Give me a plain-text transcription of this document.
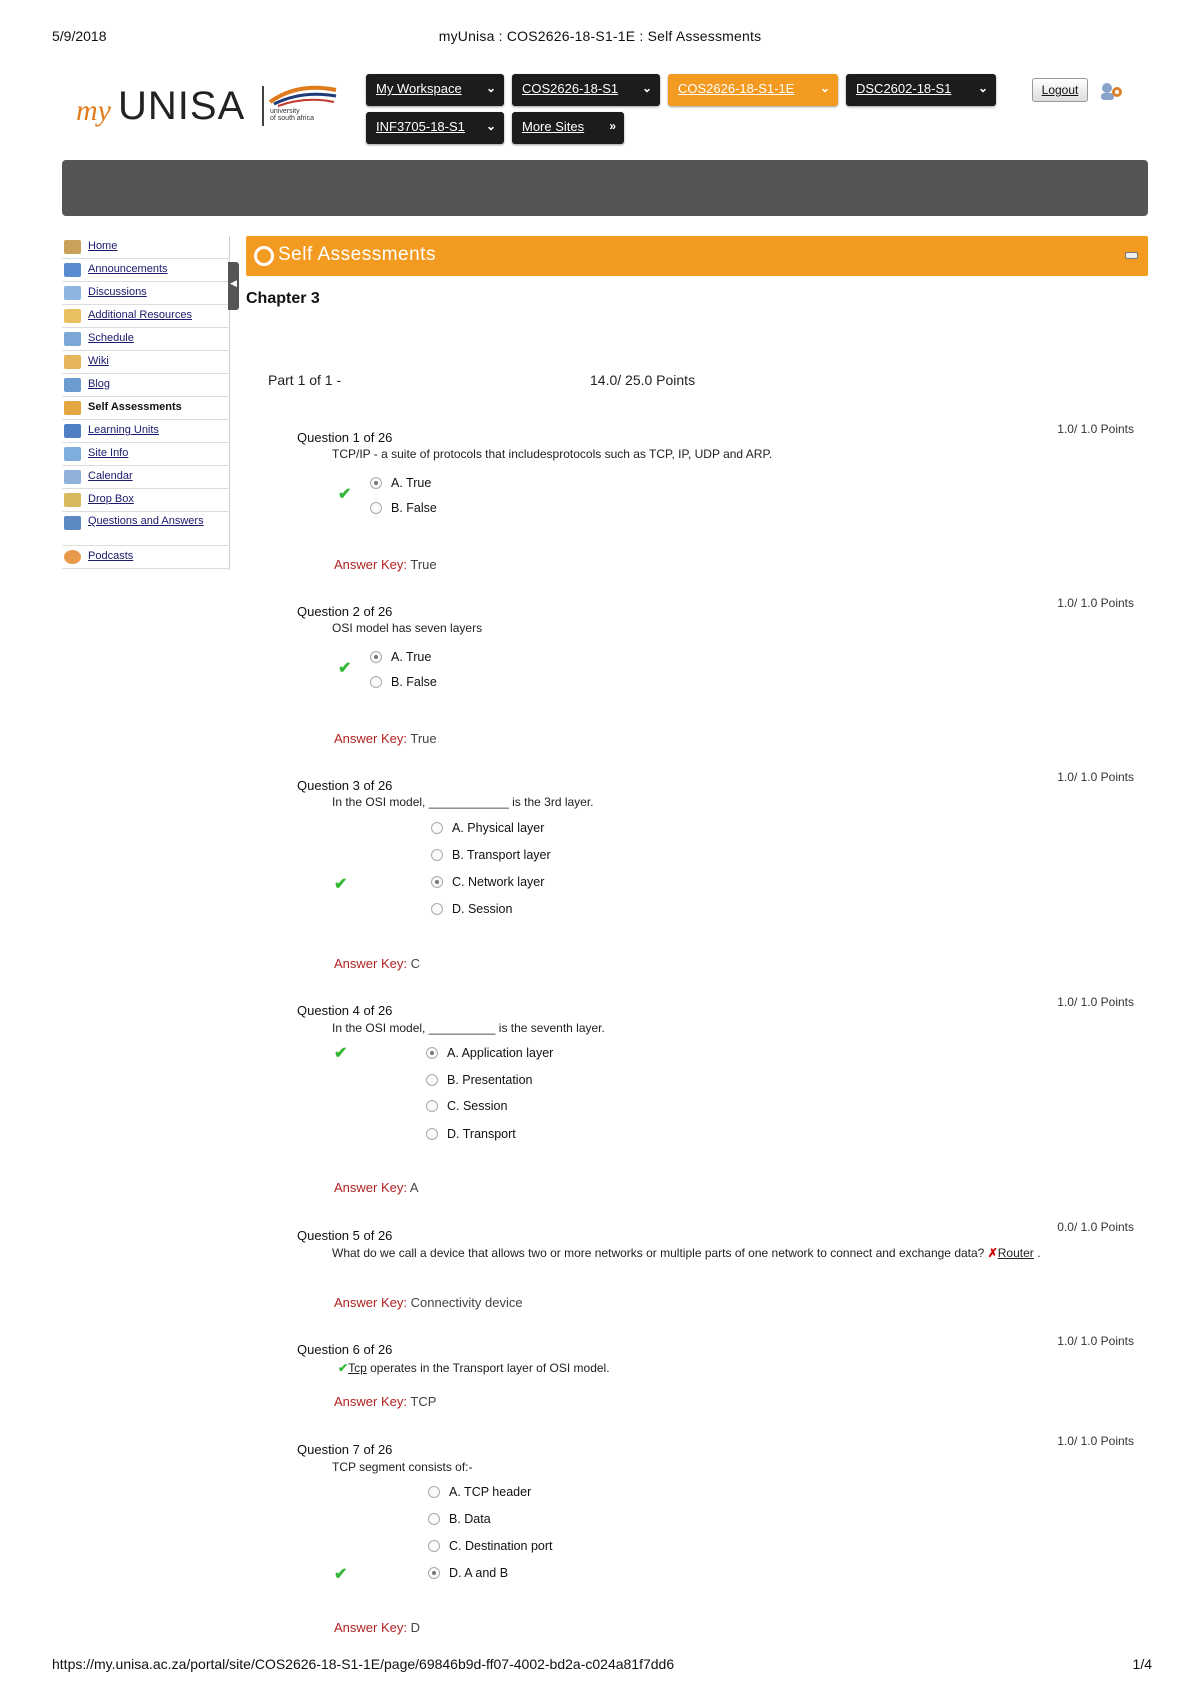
5/9/2018	myUnisa : COS2626-18-S1-1E : Self Assessments
my UNISA	university
of south africa
My Workspace ⌄	COS2626-18-S1 ⌄	COS2626-18-S1-1E ⌄	DSC2602-18-S1 ⌄
INF3705-18-S1 ⌄	More Sites »
Logout
Home
Announcements
Discussions
Additional Resources
Schedule
Wiki
Blog
Self Assessments
Learning Units
Site Info
Calendar
Drop Box
Questions and Answers
Podcasts
◀
Self Assessments
Chapter 3
Part 1 of 1 -	14.0/ 25.0 Points
Question 1 of 26
1.0/ 1.0 Points
TCP/IP - a suite of protocols that includesprotocols such as TCP, IP, UDP and ARP.
✔
A. True
B. False
Answer Key: True
Question 2 of 26
1.0/ 1.0 Points
OSI model has seven layers
✔
A. True
B. False
Answer Key: True
Question 3 of 26
1.0/ 1.0 Points
In the OSI model, ____________ is the 3rd layer.
A. Physical layer
B. Transport layer
✔	C. Network layer
D. Session
Answer Key: C
Question 4 of 26
1.0/ 1.0 Points
In the OSI model, __________ is the seventh layer.
✔	A. Application layer
B. Presentation
C. Session
D. Transport
Answer Key: A
Question 5 of 26
0.0/ 1.0 Points
What do we call a device that allows two or more networks or multiple parts of one network to connect and exchange data? ✗Router .
Answer Key: Connectivity device
Question 6 of 26
1.0/ 1.0 Points
✔Tcp operates in the Transport layer of OSI model.
Answer Key: TCP
Question 7 of 26
1.0/ 1.0 Points
TCP segment consists of:-
A. TCP header
B. Data
C. Destination port
✔	D. A and B
Answer Key: D
https://my.unisa.ac.za/portal/site/COS2626-18-S1-1E/page/69846b9d-ff07-4002-bd2a-c024a81f7dd6	1/4
